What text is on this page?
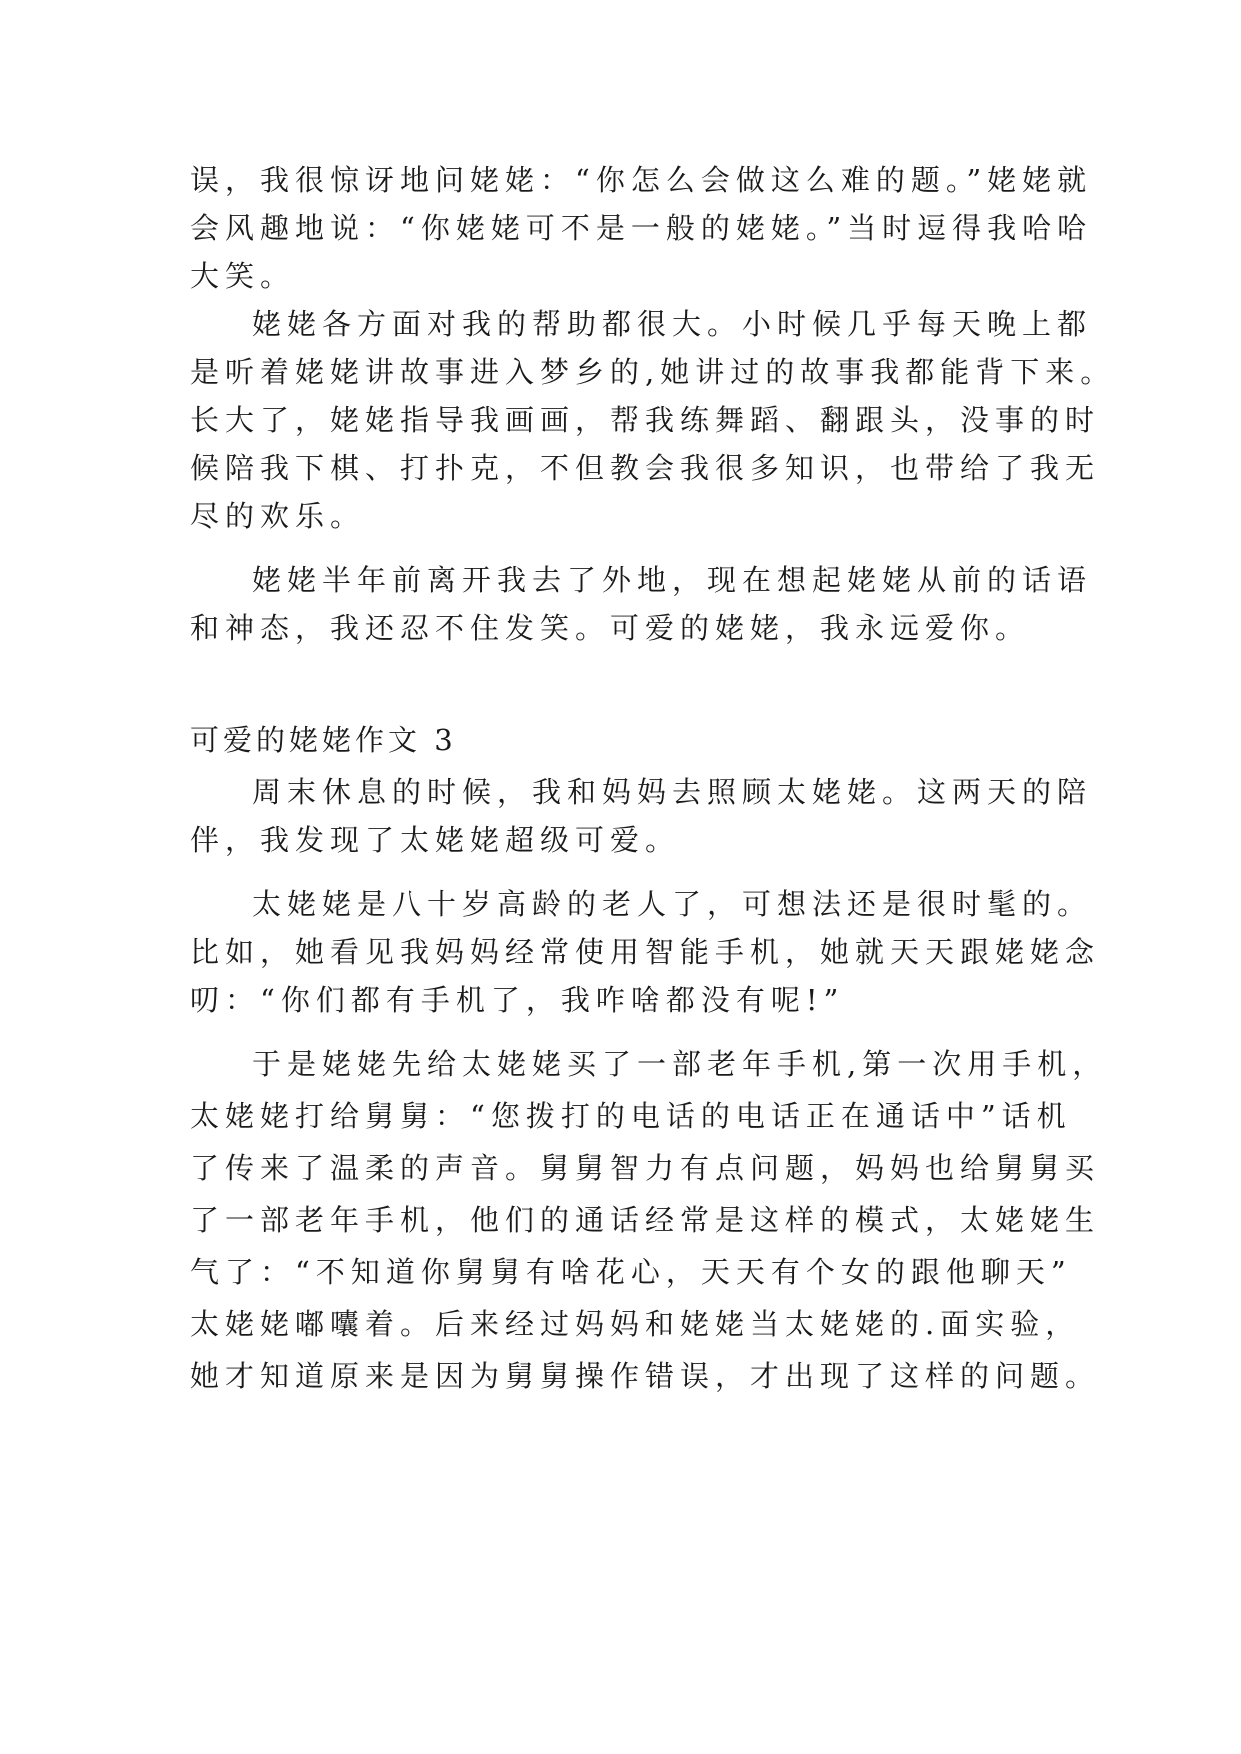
误，我很惊讶地问姥姥：“你怎么会做这么难的题。”姥姥就
会风趣地说：“你姥姥可不是一般的姥姥。”当时逗得我哈哈
大笑。
姥姥各方面对我的帮助都很大。小时候几乎每天晚上都
是听着姥姥讲故事进入梦乡的,她讲过的故事我都能背下来。
长大了，姥姥指导我画画，帮我练舞蹈、翻跟头，没事的时
候陪我下棋、打扑克，不但教会我很多知识，也带给了我无
尽的欢乐。
姥姥半年前离开我去了外地，现在想起姥姥从前的话语
和神态，我还忍不住发笑。可爱的姥姥，我永远爱你。
可爱的姥姥作文 3
周末休息的时候，我和妈妈去照顾太姥姥。这两天的陪
伴，我发现了太姥姥超级可爱。
太姥姥是八十岁高龄的老人了，可想法还是很时髦的。
比如，她看见我妈妈经常使用智能手机，她就天天跟姥姥念
叨：“你们都有手机了，我咋啥都没有呢!”
于是姥姥先给太姥姥买了一部老年手机,第一次用手机，
太姥姥打给舅舅：“您拨打的电话的电话正在通话中”话机
了传来了温柔的声音。舅舅智力有点问题，妈妈也给舅舅买
了一部老年手机，他们的通话经常是这样的模式，太姥姥生
气了：“不知道你舅舅有啥花心，天天有个女的跟他聊天”
太姥姥嘟囔着。后来经过妈妈和姥姥当太姥姥的.面实验，
她才知道原来是因为舅舅操作错误，才出现了这样的问题。
